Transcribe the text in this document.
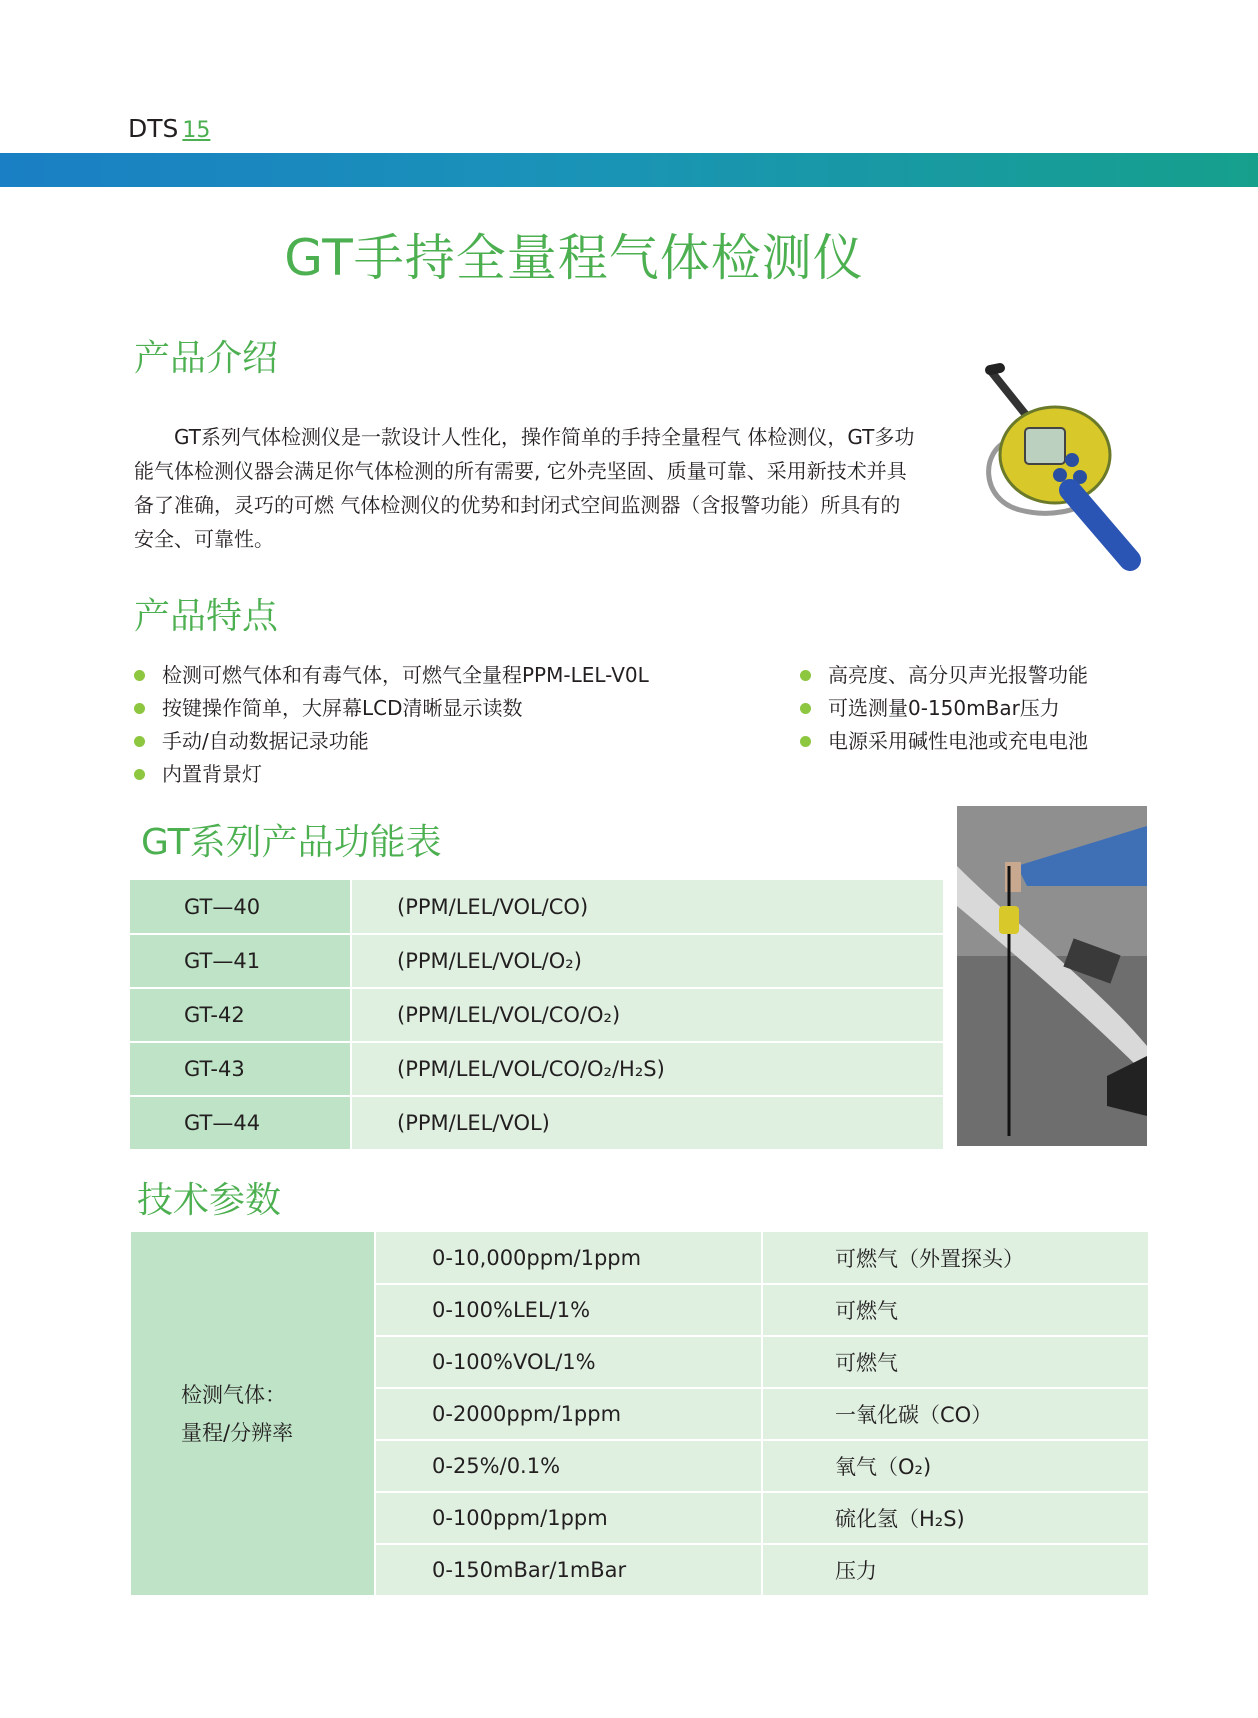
DTS 15
GT手持全量程气体检测仪
产品介绍

GT系列气体检测仪是一款设计人性化，操作简单的手持全量程气 体检测仪，GT多功能气体检测仪器会满足你气体检测的所有需要, 它外壳坚固、质量可靠、采用新技术并具备了准确，灵巧的可燃 气体检测仪的优势和封闭式空间监测器（含报警功能）所具有的 安全、可靠性。

产品特点
检测可燃气体和有毒气体，可燃气全量程PPM-LEL-V0L
按键操作简单，大屏幕LCD清晰显示读数
手动/自动数据记录功能
内置背景灯
高亮度、高分贝声光报警功能
可选测量0-150mBar压力
电源采用碱性电池或充电电池
GT系列产品功能表
GT—40	(PPM/LEL/VOL/CO)
GT—41	(PPM/LEL/VOL/O₂)
GT-42	(PPM/LEL/VOL/CO/O₂)
GT-43	(PPM/LEL/VOL/CO/O₂/H₂S)
GT—44	(PPM/LEL/VOL)
技术参数
检测气体：
量程/分辨率	0-10,000ppm/1ppm	可燃气（外置探头）
	0-100%LEL/1%	可燃气
	0-100%VOL/1%	可燃气
	0-2000ppm/1ppm	一氧化碳（CO）
	0-25%/0.1%	氧气（O₂)
	0-100ppm/1ppm	硫化氢（H₂S)
	0-150mBar/1mBar	压力
